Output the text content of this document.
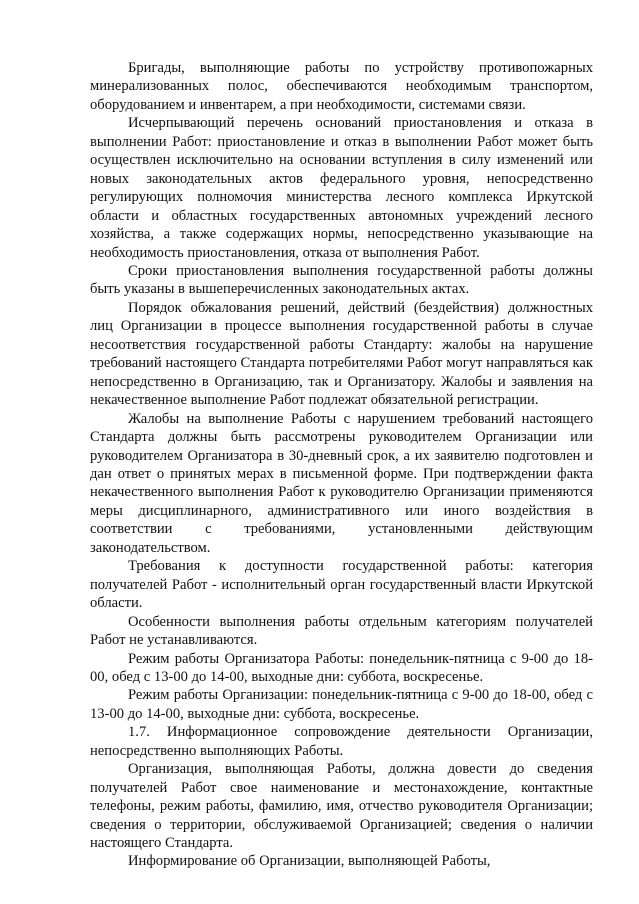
Бригады, выполняющие работы по устройству противопожарных минерализованных полос, обеспечиваются необходимым транспортом, оборудованием и инвентарем, а при необходимости, системами связи.

Исчерпывающий перечень оснований приостановления и отказа в выполнении Работ: приостановление и отказ в выполнении Работ может быть осуществлен исключительно на основании вступления в силу изменений или новых законодательных актов федерального уровня, непосредственно регулирующих полномочия министерства лесного комплекса Иркутской области и областных государственных автономных учреждений лесного хозяйства, а также содержащих нормы, непосредственно указывающие на необходимость приостановления, отказа от выполнения Работ.

Сроки приостановления выполнения государственной работы должны быть указаны в вышеперечисленных законодательных актах.

Порядок обжалования решений, действий (бездействия) должностных лиц Организации в процессе выполнения государственной работы в случае несоответствия государственной работы Стандарту: жалобы на нарушение требований настоящего Стандарта потребителями Работ могут направляться как непосредственно в Организацию, так и Организатору. Жалобы и заявления на некачественное выполнение Работ подлежат обязательной регистрации.

Жалобы на выполнение Работы с нарушением требований настоящего Стандарта должны быть рассмотрены руководителем Организации или руководителем Организатора в 30-дневный срок, а их заявителю подготовлен и дан ответ о принятых мерах в письменной форме. При подтверждении факта некачественного выполнения Работ к руководителю Организации применяются меры дисциплинарного, административного или иного воздействия в соответствии с требованиями, установленными действующим законодательством.

Требования к доступности государственной работы: категория получателей Работ - исполнительный орган государственный власти Иркутской области.

Особенности выполнения работы отдельным категориям получателей Работ не устанавливаются.

Режим работы Организатора Работы: понедельник-пятница с 9-00 до 18-00, обед с 13-00 до 14-00, выходные дни: суббота, воскресенье.

Режим работы Организации: понедельник-пятница с 9-00 до 18-00, обед с 13-00 до 14-00, выходные дни: суббота, воскресенье.

1.7. Информационное сопровождение деятельности Организации, непосредственно выполняющих Работы.

Организация, выполняющая Работы, должна довести до сведения получателей Работ свое наименование и местонахождение, контактные телефоны, режим работы, фамилию, имя, отчество руководителя Организации; сведения о территории, обслуживаемой Организацией; сведения о наличии настоящего Стандарта.

Информирование об Организации, выполняющей Работы,
